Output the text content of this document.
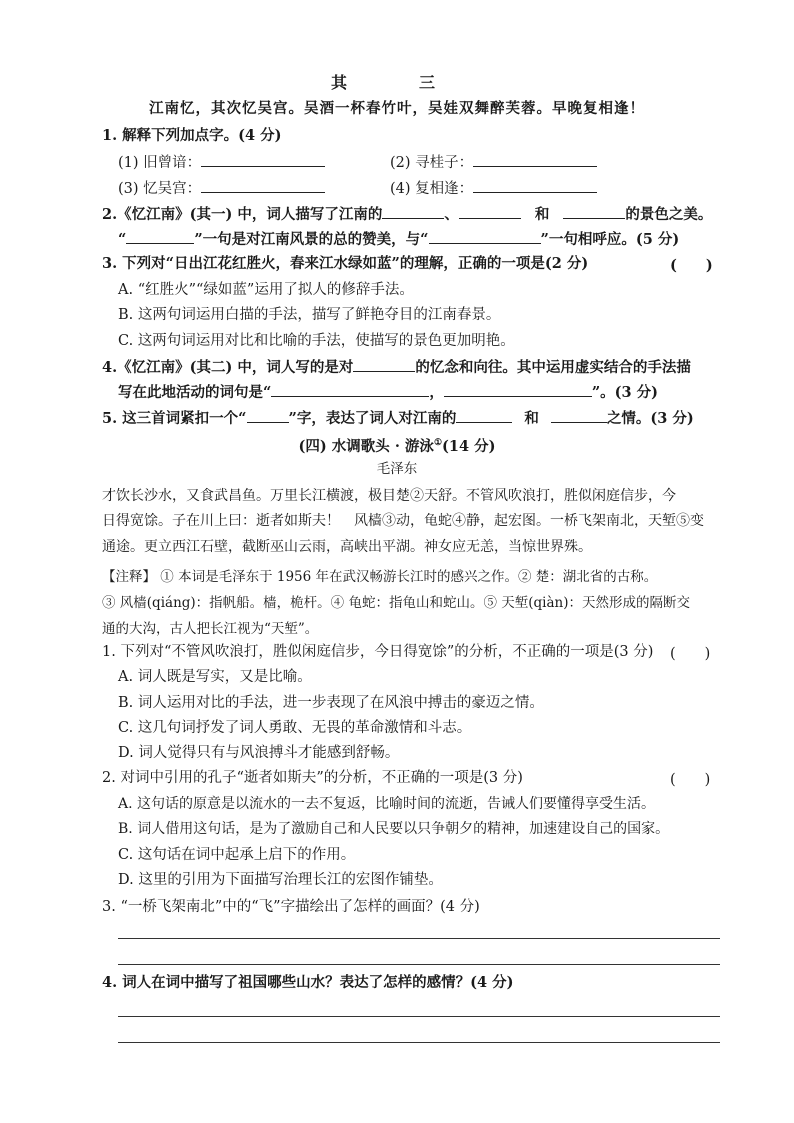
其　三
江南忆，其次忆吴宫。吴酒一杯春竹叶，吴娃双舞醉芙蓉。早晚复相逢！
1. 解释下列加点字。(4 分)
(1) 旧曾谙：	(2) 寻桂子：
(3) 忆吴宫：	(4) 复相逢：
2.《忆江南》(其一) 中，词人描写了江南的	、	和	的景色之美。
“	”一句是对江南风景的总的赞美，与“	”一句相呼应。(5 分)
3. 下列对“日出江花红胜火，春来江水绿如蓝”的理解，正确的一项是(2 分)	(　　)
A. “红胜火”“绿如蓝”运用了拟人的修辞手法。
B. 这两句词运用白描的手法，描写了鲜艳夺目的江南春景。
C. 这两句词运用对比和比喻的手法，使描写的景色更加明艳。
4.《忆江南》(其二) 中，词人写的是对	的忆念和向往。其中运用虚实结合的手法描
写在此地活动的词句是“	，	”。(3 分)
5. 这三首词紧扣一个“	”字，表达了词人对江南的	和	之情。(3 分)
(四) 水调歌头 · 游泳①(14 分)
毛泽东
才饮长沙水，又食武昌鱼。万里长江横渡，极目楚②天舒。不管风吹浪打，胜似闲庭信步，今
日得宽馀。子在川上曰：逝者如斯夫！　风樯③动，龟蛇④静，起宏图。一桥飞架南北，天堑⑤变
通途。更立西江石壁，截断巫山云雨，高峡出平湖。神女应无恙，当惊世界殊。
【注释】 ① 本词是毛泽东于 1956 年在武汉畅游长江时的感兴之作。② 楚：湖北省的古称。
③ 风樯(qiáng)：指帆船。樯，桅杆。④ 龟蛇：指龟山和蛇山。⑤ 天堑(qiàn)：天然形成的隔断交
通的大沟，古人把长江视为“天堑”。
1. 下列对“不管风吹浪打，胜似闲庭信步，今日得宽馀”的分析，不正确的一项是(3 分) (　　)
A. 词人既是写实，又是比喻。
B. 词人运用对比的手法，进一步表现了在风浪中搏击的豪迈之情。
C. 这几句词抒发了词人勇敢、无畏的革命激情和斗志。
D. 词人觉得只有与风浪搏斗才能感到舒畅。
2. 对词中引用的孔子“逝者如斯夫”的分析，不正确的一项是(3 分)	(　　)
A. 这句话的原意是以流水的一去不复返，比喻时间的流逝，告诫人们要懂得享受生活。
B. 词人借用这句话，是为了激励自己和人民要以只争朝夕的精神，加速建设自己的国家。
C. 这句话在词中起承上启下的作用。
D. 这里的引用为下面描写治理长江的宏图作铺垫。
3. “一桥飞架南北”中的“飞”字描绘出了怎样的画面？(4 分)
4. 词人在词中描写了祖国哪些山水？表达了怎样的感情？(4 分)
